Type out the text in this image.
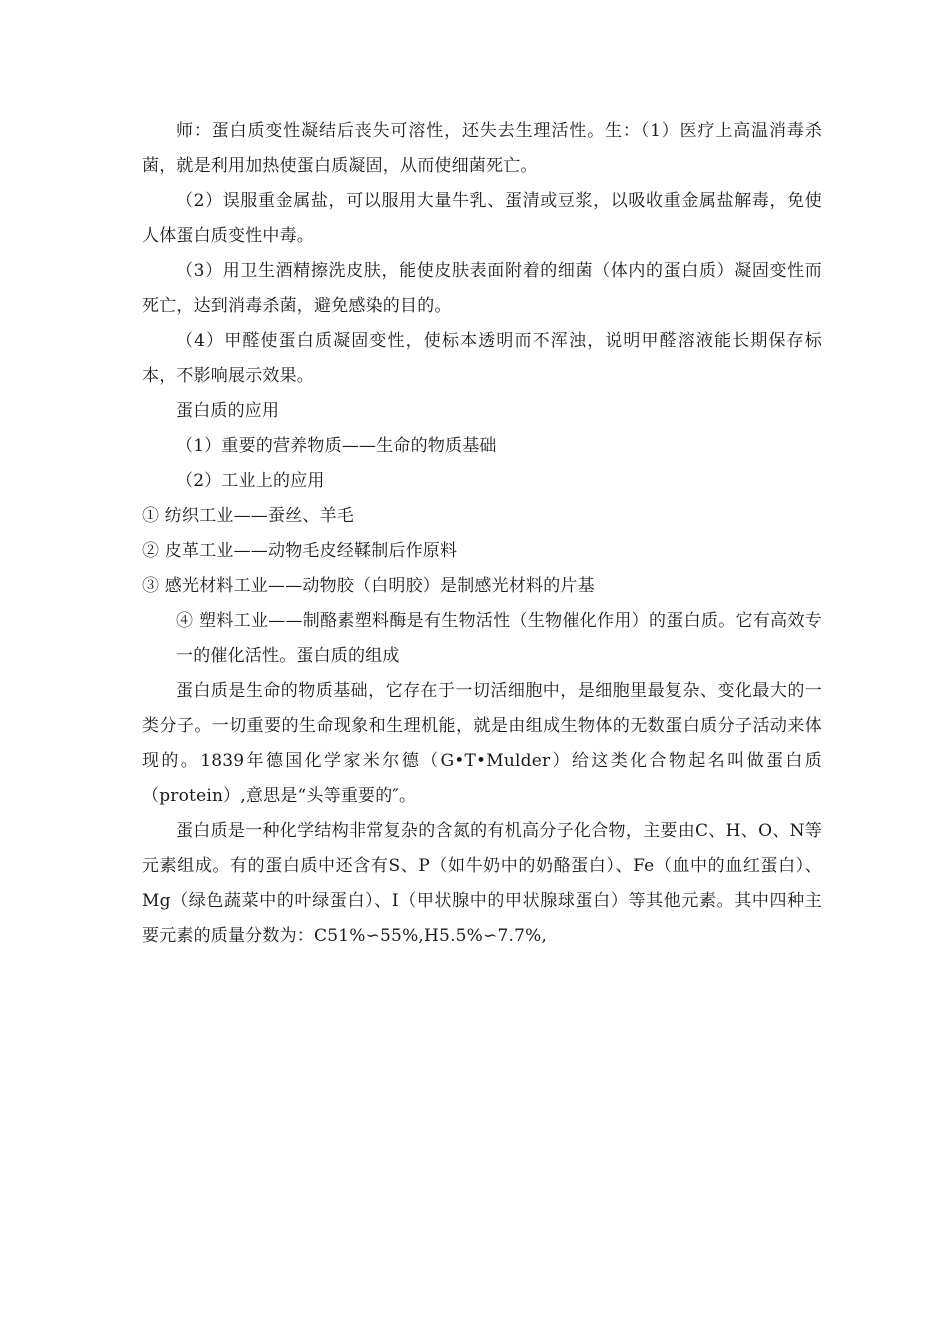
师：蛋白质变性凝结后丧失可溶性，还失去生理活性。生：（1）医疗上高温消毒杀菌，就是利用加热使蛋白质凝固，从而使细菌死亡。

（2）误服重金属盐，可以服用大量牛乳、蛋清或豆浆，以吸收重金属盐解毒，免使人体蛋白质变性中毒。

（3）用卫生酒精擦洗皮肤，能使皮肤表面附着的细菌（体内的蛋白质）凝固变性而死亡，达到消毒杀菌，避免感染的目的。

（4）甲醛使蛋白质凝固变性，使标本透明而不浑浊，说明甲醛溶液能长期保存标本，不影响展示效果。

蛋白质的应用

（1）重要的营养物质——生命的物质基础

（2）工业上的应用

① 纺织工业——蚕丝、羊毛

② 皮革工业——动物毛皮经鞣制后作原料

③ 感光材料工业——动物胶（白明胶）是制感光材料的片基

④ 塑料工业——制酪素塑料酶是有生物活性（生物催化作用）的蛋白质。它有高效专一的催化活性。蛋白质的组成

蛋白质是生命的物质基础，它存在于一切活细胞中，是细胞里最复杂、变化最大的一类分子。一切重要的生命现象和生理机能，就是由组成生物体的无数蛋白质分子活动来体现的。1839年德国化学家米尔德（G•T•Mulder）给这类化合物起名叫做蛋白质（protein）,意思是“头等重要的″。

蛋白质是一种化学结构非常复杂的含氮的有机高分子化合物，主要由C、H、O、N等元素组成。有的蛋白质中还含有S、P（如牛奶中的奶酪蛋白）、Fe（血中的血红蛋白）、Mg（绿色蔬菜中的叶绿蛋白）、I（甲状腺中的甲状腺球蛋白）等其他元素。其中四种主要元素的质量分数为：C51%∽55%,H5.5%∽7.7%,
